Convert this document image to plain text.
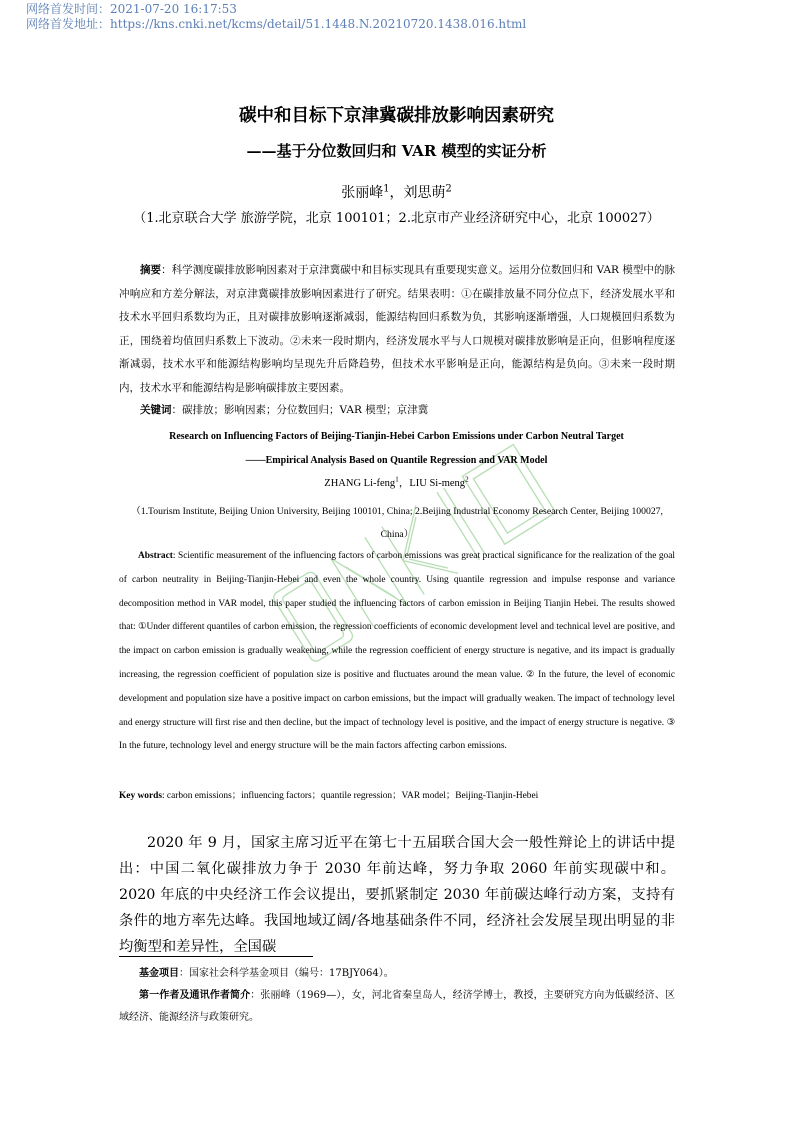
网络首发时间：2021-07-20 16:17:53
网络首发地址：https://kns.cnki.net/kcms/detail/51.1448.N.20210720.1438.016.html
碳中和目标下京津冀碳排放影响因素研究
——基于分位数回归和 VAR 模型的实证分析
张丽峰$^1$，刘思萌$^2$
（1.北京联合大学 旅游学院，北京 100101；2.北京市产业经济研究中心，北京 100027）
摘要：科学测度碳排放影响因素对于京津冀碳中和目标实现具有重要现实意义。运用分位数回归和 VAR 模型中的脉冲响应和方差分解法，对京津冀碳排放影响因素进行了研究。结果表明：①在碳排放量不同分位点下，经济发展水平和技术水平回归系数均为正，且对碳排放影响逐渐减弱，能源结构回归系数为负，其影响逐渐增强，人口规模回归系数为正，围绕着均值回归系数上下波动。②未来一段时期内，经济发展水平与人口规模对碳排放影响是正向，但影响程度逐渐减弱，技术水平和能源结构影响均呈现先升后降趋势，但技术水平影响是正向，能源结构是负向。③未来一段时期内，技术水平和能源结构是影响碳排放主要因素。
关键词：碳排放；影响因素；分位数回归；VAR 模型；京津冀
Research on Influencing Factors of Beijing-Tianjin-Hebei Carbon Emissions under Carbon Neutral Target
——Empirical Analysis Based on Quantile Regression and VAR Model
ZHANG Li-feng$^1$，LIU Si-meng$^2$
（1.Tourism Institute, Beijing Union University, Beijing 100101, China; 2.Beijing Industrial Economy Research Center, Beijing 100027, China）
Abstract: Scientific measurement of the influencing factors of carbon emissions was great practical significance for the realization of the goal of carbon neutrality in Beijing-Tianjin-Hebei and even the whole country. Using quantile regression and impulse response and variance decomposition method in VAR model, this paper studied the influencing factors of carbon emission in Beijing Tianjin Hebei. The results showed that: ①Under different quantiles of carbon emission, the regression coefficients of economic development level and technical level are positive, and the impact on carbon emission is gradually weakening, while the regression coefficient of energy structure is negative, and its impact is gradually increasing, the regression coefficient of population size is positive and fluctuates around the mean value. ② In the future, the level of economic development and population size have a positive impact on carbon emissions, but the impact will gradually weaken. The impact of technology level and energy structure will first rise and then decline, but the impact of technology level is positive, and the impact of energy structure is negative. ③ In the future, technology level and energy structure will be the main factors affecting carbon emissions.
Key words: carbon emissions；influencing factors；quantile regression；VAR model；Beijing-Tianjin-Hebei
2020 年 9 月，国家主席习近平在第七十五届联合国大会一般性辩论上的讲话中提出：中国二氧化碳排放力争于 2030 年前达峰，努力争取 2060 年前实现碳中和。2020 年底的中央经济工作会议提出，要抓紧制定 2030 年前碳达峰行动方案，支持有条件的地方率先达峰。我国地域辽阔/各地基础条件不同，经济社会发展呈现出明显的非均衡型和差异性，全国碳
基金项目：国家社会科学基金项目（编号：17BJY064）。
第一作者及通讯作者简介：张丽峰（1969—），女，河北省秦皇岛人，经济学博士，教授，主要研究方向为低碳经济、区域经济、能源经济与政策研究。
